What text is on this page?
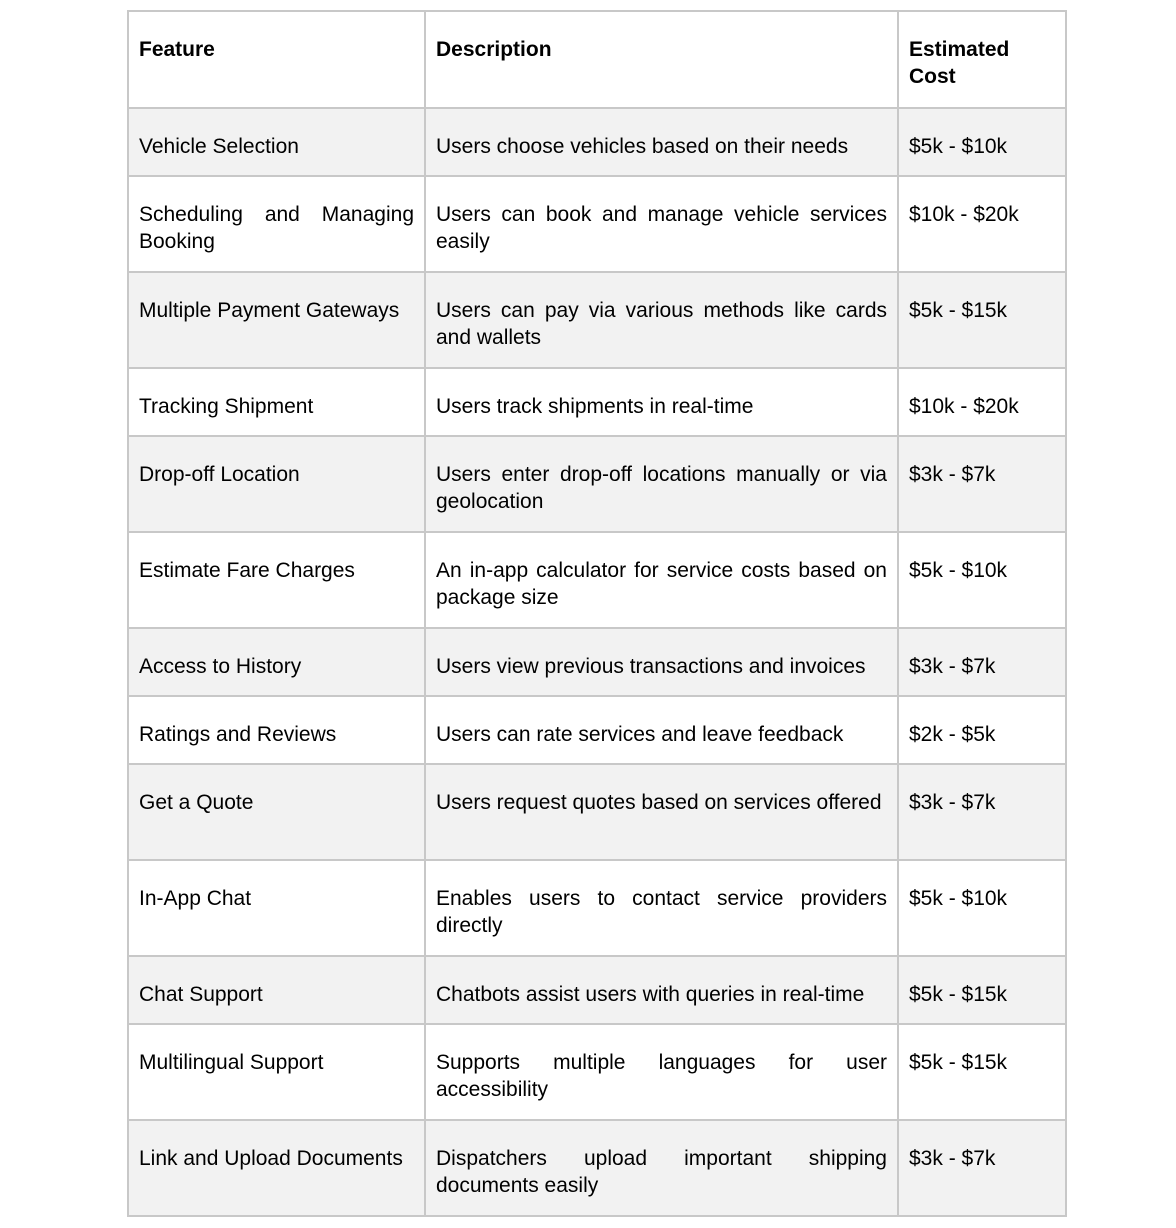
Feature	Description	Estimated Cost
Vehicle Selection	Users choose vehicles based on their needs	$5k - $10k
Scheduling and Managing Booking	Users can book and manage vehicle services easily	$10k - $20k
Multiple Payment Gateways	Users can pay via various methods like cards and wallets	$5k - $15k
Tracking Shipment	Users track shipments in real-time	$10k - $20k
Drop-off Location	Users enter drop-off locations manually or via geolocation	$3k - $7k
Estimate Fare Charges	An in-app calculator for service costs based on package size	$5k - $10k
Access to History	Users view previous transactions and invoices	$3k - $7k
Ratings and Reviews	Users can rate services and leave feedback	$2k - $5k
Get a Quote	Users request quotes based on services offered	$3k - $7k
In-App Chat	Enables users to contact service providers directly	$5k - $10k
Chat Support	Chatbots assist users with queries in real-time	$5k - $15k
Multilingual Support	Supports multiple languages for user accessibility	$5k - $15k
Link and Upload Documents	Dispatchers upload important shipping documents easily	$3k - $7k
